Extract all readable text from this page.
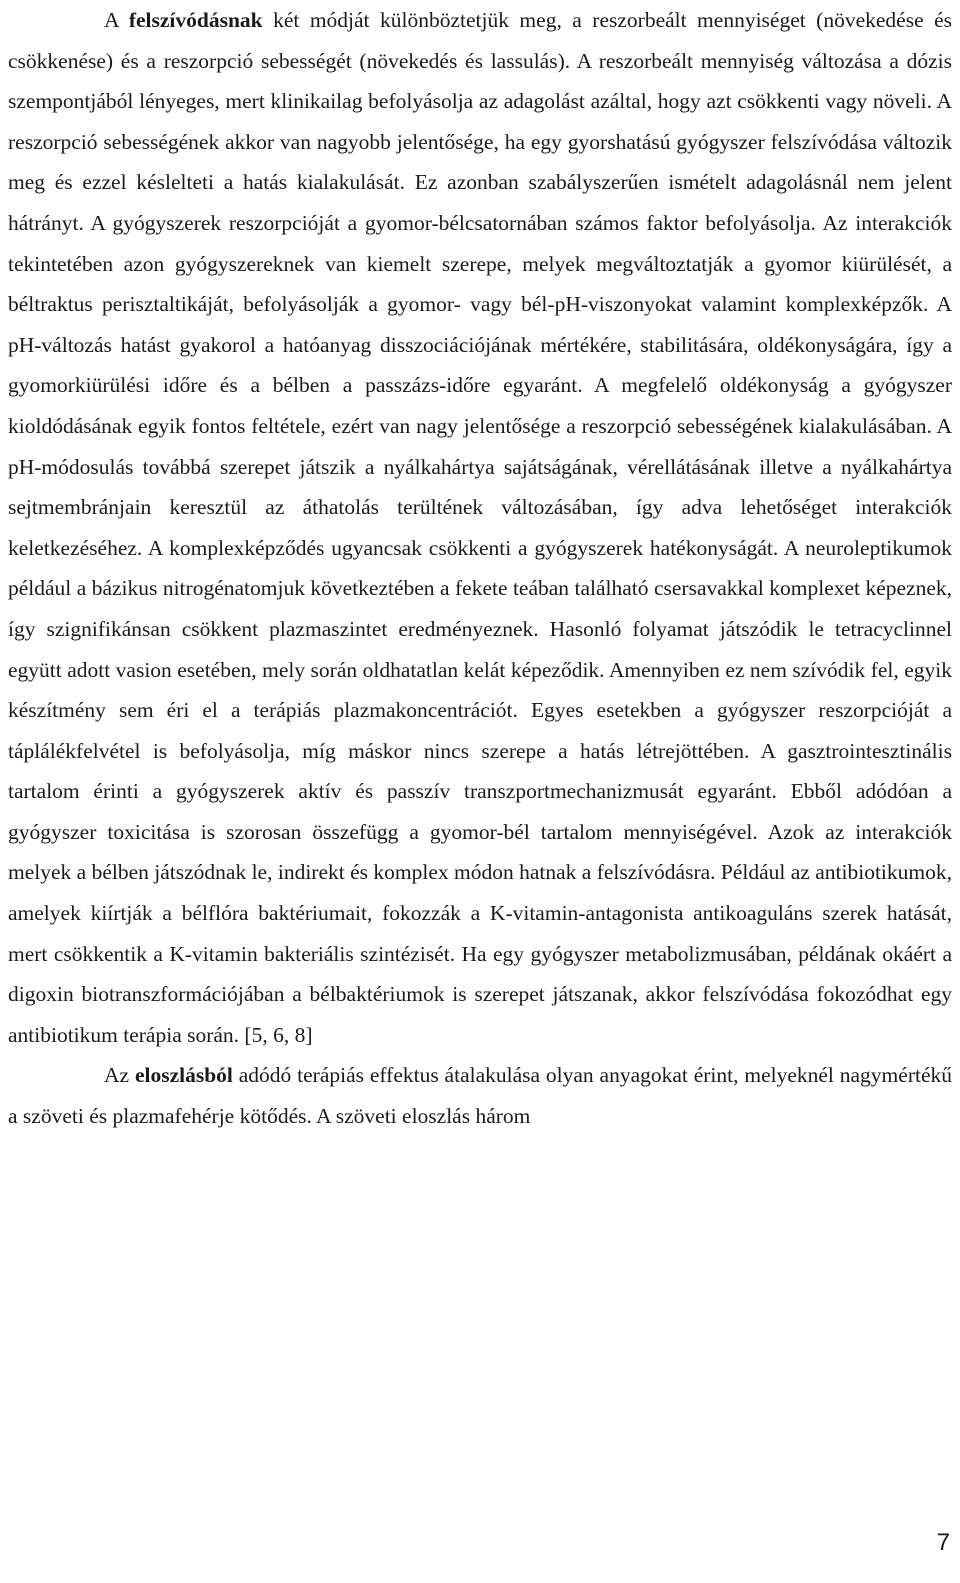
A felszívódásnak két módját különböztetjük meg, a reszorbeált mennyiséget (növekedése és csökkenése) és a reszorpció sebességét (növekedés és lassulás). A reszorbeált mennyiség változása a dózis szempontjából lényeges, mert klinikailag befolyásolja az adagolást azáltal, hogy azt csökkenti vagy növeli. A reszorpció sebességének akkor van nagyobb jelentősége, ha egy gyorshatású gyógyszer felszívódása változik meg és ezzel késlelteti a hatás kialakulását. Ez azonban szabályszerűen ismételt adagolásnál nem jelent hátrányt. A gyógyszerek reszorpcióját a gyomor-bélcsatornában számos faktor befolyásolja. Az interakciók tekintetében azon gyógyszereknek van kiemelt szerepe, melyek megváltoztatják a gyomor kiürülését, a béltraktus perisztaltikáját, befolyásolják a gyomor- vagy bél-pH-viszonyokat valamint komplexképzők. A pH-változás hatást gyakorol a hatóanyag disszociációjának mértékére, stabilitására, oldékonyságára, így a gyomorkiürülési időre és a bélben a passzázs-időre egyaránt. A megfelelő oldékonyság a gyógyszer kioldódásának egyik fontos feltétele, ezért van nagy jelentősége a reszorpció sebességének kialakulásában. A pH-módosulás továbbá szerepet játszik a nyálkahártya sajátságának, vérellátásának illetve a nyálkahártya sejtmembránjain keresztül az áthatolás terültének változásában, így adva lehetőséget interakciók keletkezéséhez. A komplexképződés ugyancsak csökkenti a gyógyszerek hatékonyságát. A neuroleptikumok például a bázikus nitrogénatomjuk következtében a fekete teában található csersavakkal komplexet képeznek, így szignifikánsan csökkent plazmaszintet eredményeznek. Hasonló folyamat játszódik le tetracyclinnel együtt adott vasion esetében, mely során oldhatatlan kelát képeződik. Amennyiben ez nem szívódik fel, egyik készítmény sem éri el a terápiás plazmakoncentrációt. Egyes esetekben a gyógyszer reszorpcióját a táplálékfelvétel is befolyásolja, míg máskor nincs szerepe a hatás létrejöttében. A gasztrointesztinális tartalom érinti a gyógyszerek aktív és passzív transzportmechanizmusát egyaránt. Ebből adódóan a gyógyszer toxicitása is szorosan összefügg a gyomor-bél tartalom mennyiségével. Azok az interakciók melyek a bélben játszódnak le, indirekt és komplex módon hatnak a felszívódásra. Például az antibiotikumok, amelyek kiírtják a bélflóra baktériumait, fokozzák a K-vitamin-antagonista antikoaguláns szerek hatását, mert csökkentik a K-vitamin bakteriális szintézisét. Ha egy gyógyszer metabolizmusában, példának okáért a digoxin biotranszformációjában a bélbaktériumok is szerepet játszanak, akkor felszívódása fokozódhat egy antibiotikum terápia során. [5, 6, 8]

Az eloszlásból adódó terápiás effektus átalakulása olyan anyagokat érint, melyeknél nagymértékű a szöveti és plazmafehérje kötődés. A szöveti eloszlás három

7
